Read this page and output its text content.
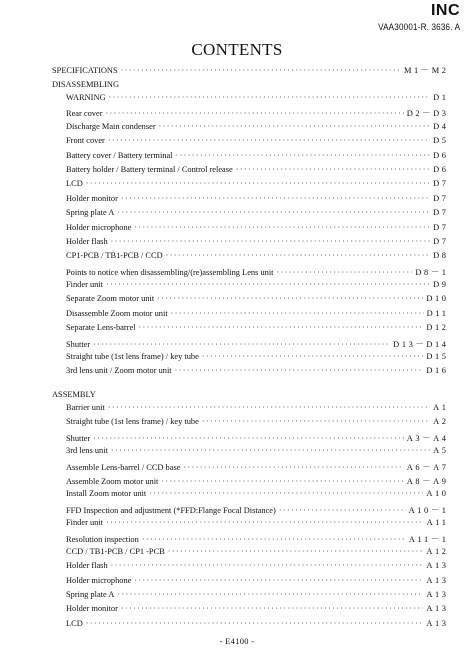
INC
VAA30001-R. 3636. A
CONTENTS
SPECIFICATIONS ·····	M1－M2
DISASSEMBLING
WARNING ·····	D1
Rear cover ·····	D2－D3
Discharge Main condenser ·····	D4
Front cover ·····	D5
Battery cover / Battery terminal ·····	D6
Battery holder / Battery terminal / Control release ·····	D6
LCD ·····	D7
Holder monitor ·····	D7
Spring plate A ·····	D7
Holder microphone ·····	D7
Holder flash ·····	D7
CP1-PCB / TB1-PCB / CCD ·····	D8
Points to notice when disassembling/(re)assembling Lens unit ·····	D8－1
Finder unit ·····	D9
Separate Zoom motor unit ·····	D10
Disassemble Zoom motor unit ·····	D11
Separate Lens-barrel ·····	D12
Shutter ·····	D13－D14
Straight tube (1st lens frame) / key tube ·····	D15
3rd lens unit / Zoom motor unit ·····	D16
ASSEMBLY
Barrier unit ·····	A1
Straight tube (1st lens frame) / key tube ·····	A2
Shutter ·····	A3－A4
3rd lens unit ·····	A5
Assemble Lens-barrel / CCD base ·····	A6－A7
Assemble Zoom motor unit ·····	A8－A9
Install Zoom motor unit ·····	A10
FFD Inspection and adjustment (*FFD:Flange Focal Distance) ·····	A10－1
Finder unit ·····	A11
Resolution inspection ·····	A11－1
CCD / TB1-PCB / CP1 -PCB ·····	A12
Holder flash ·····	A13
Holder microphone ·····	A13
Spring plate A ·····	A13
Holder monitor ·····	A13
LCD ·····	A13
- E4100 -
